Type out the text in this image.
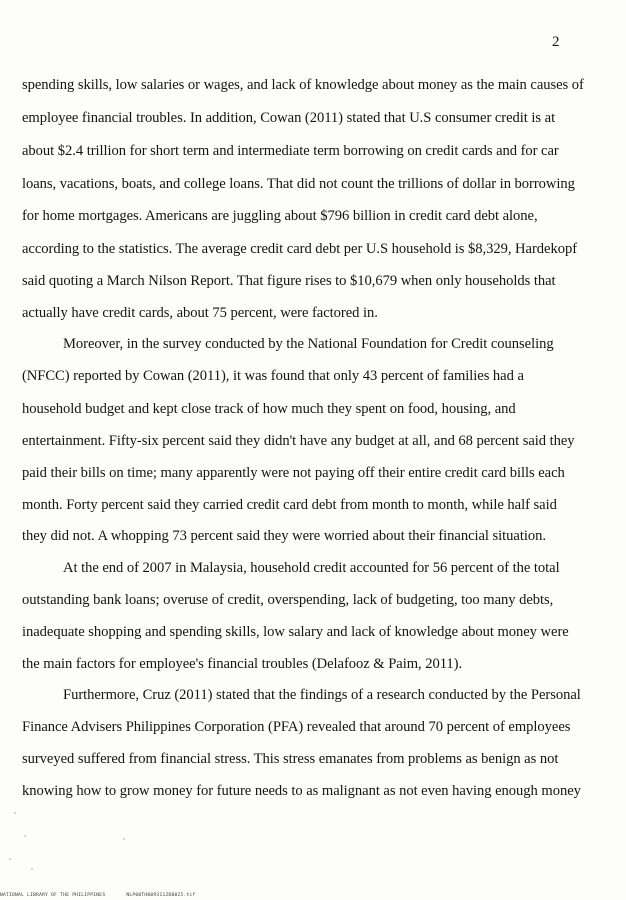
2
spending skills, low salaries or wages, and lack of knowledge about money as the main causes of
employee financial troubles. In addition, Cowan (2011) stated that U.S consumer credit is at
about $2.4 trillion for short term and intermediate term borrowing on credit cards and for car
loans, vacations, boats, and college loans. That did not count the trillions of dollar in borrowing
for home mortgages. Americans are juggling about $796 billion in credit card debt alone,
according to the statistics. The average credit card debt per U.S household is $8,329, Hardekopf
said quoting a March Nilson Report. That figure rises to $10,679 when only households that
actually have credit cards, about 75 percent, were factored in.
Moreover, in the survey conducted by the National Foundation for Credit counseling
(NFCC) reported by Cowan (2011), it was found that only 43 percent of families had a
household budget and kept close track of how much they spent on food, housing, and
entertainment. Fifty-six percent said they didn't have any budget at all, and 68 percent said they
paid their bills on time; many apparently were not paying off their entire credit card bills each
month. Forty percent said they carried credit card debt from month to month, while half said
they did not. A whopping 73 percent said they were worried about their financial situation.
At the end of 2007 in Malaysia, household credit accounted for 56 percent of the total
outstanding bank loans; overuse of credit, overspending, lack of budgeting, too many debts,
inadequate shopping and spending skills, low salary and lack of knowledge about money were
the main factors for employee's financial troubles (Delafooz & Paim, 2011).
Furthermore, Cruz (2011) stated that the findings of a research conducted by the Personal
Finance Advisers Philippines Corporation (PFA) revealed that around 70 percent of employees
surveyed suffered from financial stress. This stress emanates from problems as benign as not
knowing how to grow money for future needs to as malignant as not even having enough money
NATIONAL LIBRARY OF THE PHILIPPINES	NLP00TH0093112D0025.tif
